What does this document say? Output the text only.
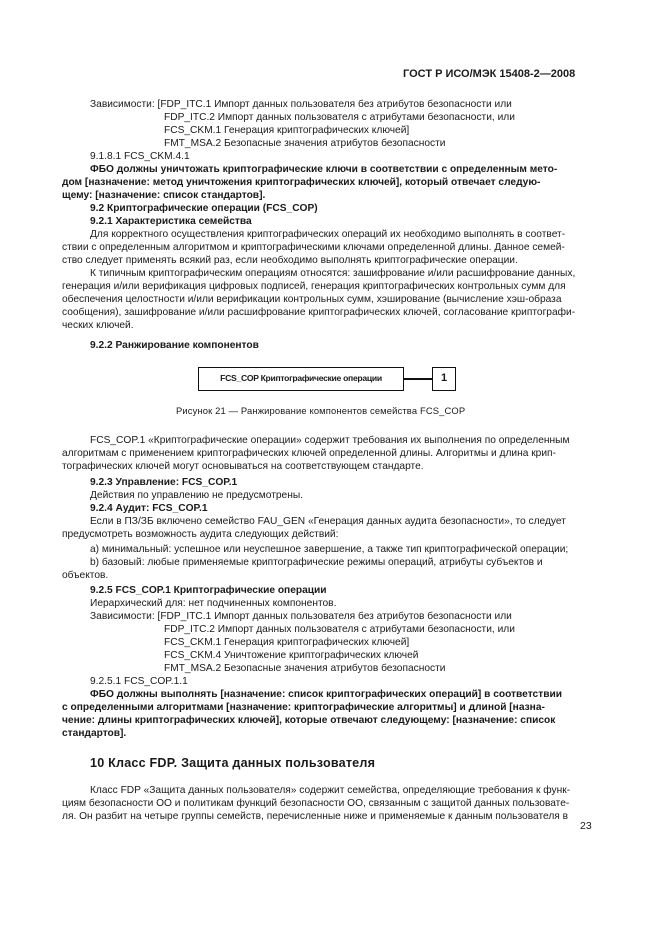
ГОСТ Р ИСО/МЭК 15408-2—2008
Зависимости: [FDP_ITC.1 Импорт данных пользователя без атрибутов безопасности или
FDP_ITC.2 Импорт данных пользователя с атрибутами безопасности, или
FCS_CKM.1 Генерация криптографических ключей]
FMT_MSA.2 Безопасные значения атрибутов безопасности
9.1.8.1 FCS_CKM.4.1
ФБО должны уничтожать криптографические ключи в соответствии с определенным мето-
дом [назначение: метод уничтожения криптографических ключей], который отвечает следую-
щему: [назначение: список стандартов].
9.2 Криптографические операции (FCS_COP)
9.2.1 Характеристика семейства
Для корректного осуществления криптографических операций их необходимо выполнять в соответ-
ствии с определенным алгоритмом и криптографическими ключами определенной длины. Данное семей-
ство следует применять всякий раз, если необходимо выполнять криптографические операции.
К типичным криптографическим операциям относятся: зашифрование и/или расшифрование данных,
генерация и/или верификация цифровых подписей, генерация криптографических контрольных сумм для
обеспечения целостности и/или верификации контрольных сумм, хэширование (вычисление хэш-образа
сообщения), зашифрование и/или расшифрование криптографических ключей, согласование криптографи-
ческих ключей.
9.2.2 Ранжирование компонентов
FCS_COP Криптографические операции	1
Рисунок 21 — Ранжирование компонентов семейства FCS_COP
FCS_COP.1 «Криптографические операции» содержит требования их выполнения по определенным
алгоритмам с применением криптографических ключей определенной длины. Алгоритмы и длина крип-
тографических ключей могут основываться на соответствующем стандарте.
9.2.3 Управление: FCS_COP.1
Действия по управлению не предусмотрены.
9.2.4 Аудит: FCS_COP.1
Если в ПЗ/ЗБ включено семейство FAU_GEN «Генерация данных аудита безопасности», то следует
предусмотреть возможность аудита следующих действий:
a) минимальный: успешное или неуспешное завершение, а также тип криптографической операции;
b) базовый: любые применяемые криптографические режимы операций, атрибуты субъектов и
объектов.
9.2.5 FCS_COP.1 Криптографические операции
Иерархический для: нет подчиненных компонентов.
Зависимости: [FDP_ITC.1 Импорт данных пользователя без атрибутов безопасности или
FDP_ITC.2 Импорт данных пользователя с атрибутами безопасности, или
FCS_CKM.1 Генерация криптографических ключей]
FCS_CKM.4 Уничтожение криптографических ключей
FMT_MSA.2 Безопасные значения атрибутов безопасности
9.2.5.1 FCS_COP.1.1
ФБО должны выполнять [назначение: список криптографических операций] в соответствии
с определенными алгоритмами [назначение: криптографические алгоритмы] и длиной [назна-
чение: длины криптографических ключей], которые отвечают следующему: [назначение: список
стандартов].
10 Класс FDP. Защита данных пользователя
Класс FDP «Защита данных пользователя» содержит семейства, определяющие требования к функ-
циям безопасности ОО и политикам функций безопасности ОО, связанным с защитой данных пользовате-
ля. Он разбит на четыре группы семейств, перечисленные ниже и применяемые к данным пользователя в
23
